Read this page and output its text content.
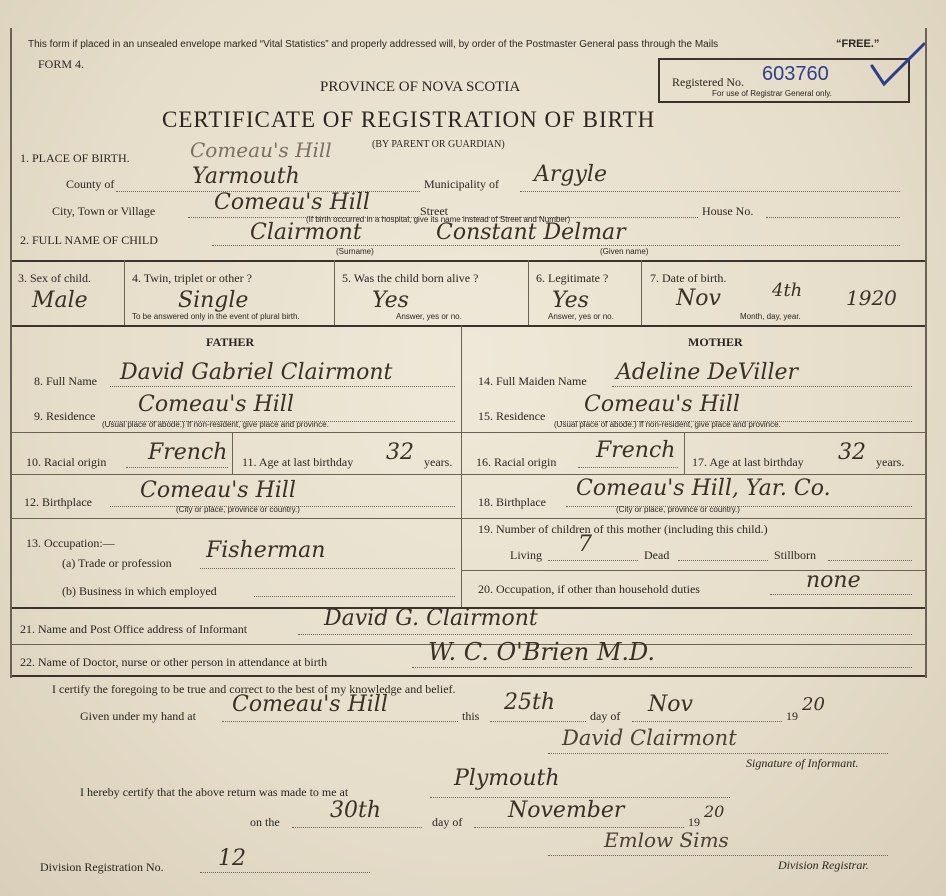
This form if placed in an unsealed envelope marked “Vital Statistics” and properly addressed will, by order of the Postmaster General pass through the Mails	“FREE.”
FORM 4.
PROVINCE OF NOVA SCOTIA
CERTIFICATE OF REGISTRATION OF BIRTH
(BY PARENT OR GUARDIAN)
Registered No. 603760
For use of Registrar General only.
1. PLACE OF BIRTH.	Comeau's Hill
County of	Yarmouth	Municipality of Argyle
City, Town or Village	Comeau's Hill	Street
(If birth occurred in a hospital, give its name instead of Street and Number)
House No.
2. FULL NAME OF CHILD	Clairmont	Constant Delmar
(Surname)	(Given name)
3. Sex of child.
Male
4. Twin, triplet or other ?
Single
To be answered only in the event of plural birth.
5. Was the child born alive ?
Yes
Answer, yes or no.
6. Legitimate ?
Yes
Answer, yes or no.
7. Date of birth.
Nov	4th 1920
Month, day, year.
FATHER	MOTHER
8. Full Name David Gabriel Clairmont
9. Residence Comeau's Hill
(Usual place of abode.) If non-resident, give place and province.
10. Racial origin French 11. Age at last birthday 32 years.
12. Birthplace Comeau's Hill
(City or place, province or country.)
13. Occupation:—
(a) Trade or profession Fisherman
(b) Business in which employed
14. Full Maiden Name Adeline DeViller
15. Residence Comeau's Hill
(Usual place of abode.) If non-resident, give place and province.
16. Racial origin French 17. Age at last birthday 32 years.
18. Birthplace
Comeau's Hill, Yar. Co.
(City or place, province or country.)
19. Number of children of this mother (including this child.)
Living 7	Dead	Stillborn
20. Occupation, if other than household duties	none
21. Name and Post Office address of Informant	David G. Clairmont
22. Name of Doctor, nurse or other person in attendance at birth	W. C. O'Brien M.D.
I certify the foregoing to be true and correct to the best of my knowledge and belief.
Given under my hand at Comeau's Hill	this
25th
day of Nov	19
20
David Clairmont
Signature of Informant.
I hereby certify that the above return was made to me at
Plymouth
on the 30th	day of November	19
20
Division Registration No. 12
Emlow Sims
Division Registrar.
